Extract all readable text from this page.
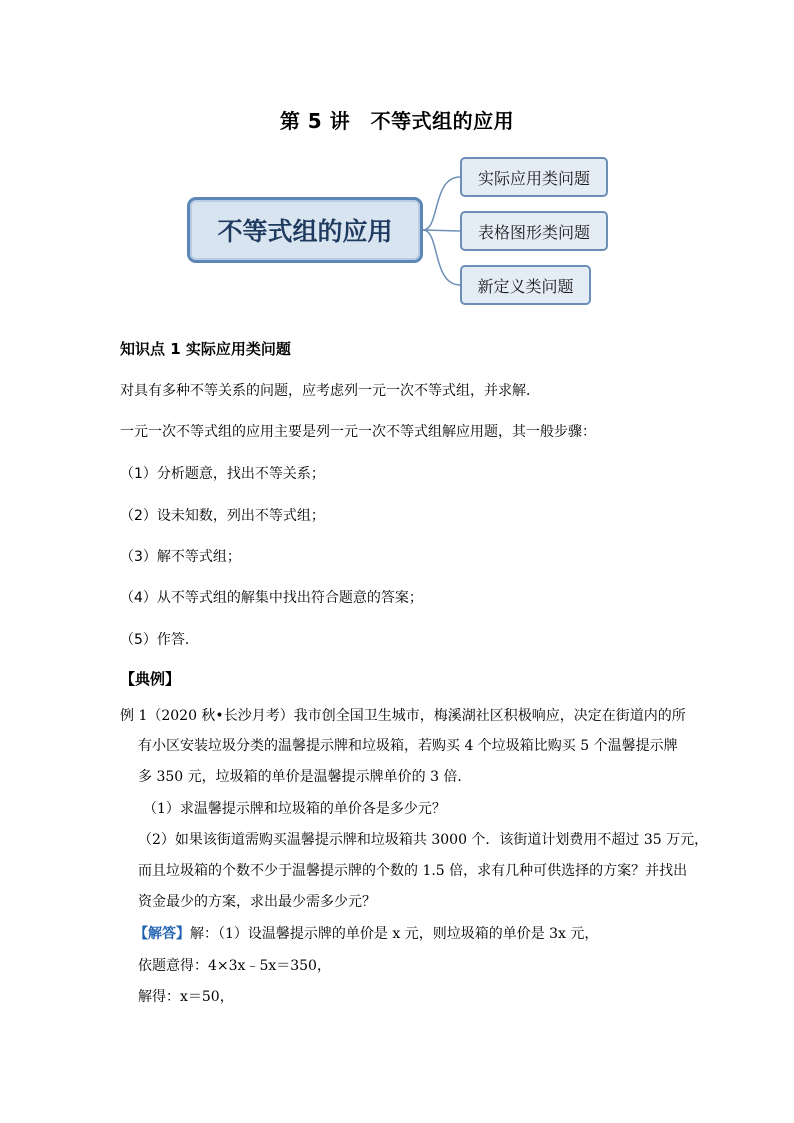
第 5 讲　不等式组的应用
不等式组的应用
实际应用类问题
表格图形类问题
新定义类问题
知识点 1 实际应用类问题
对具有多种不等关系的问题，应考虑列一元一次不等式组，并求解．
一元一次不等式组的应用主要是列一元一次不等式组解应用题，其一般步骤：
（1）分析题意，找出不等关系；
（2）设未知数，列出不等式组；
（3）解不等式组；
（4）从不等式组的解集中找出符合题意的答案；
（5）作答．
【典例】
例 1（2020 秋•长沙月考）我市创全国卫生城市，梅溪湖社区积极响应，决定在街道内的所
有小区安装垃圾分类的温馨提示牌和垃圾箱，若购买 4 个垃圾箱比购买 5 个温馨提示牌
多 350 元，垃圾箱的单价是温馨提示牌单价的 3 倍．
（1）求温馨提示牌和垃圾箱的单价各是多少元？
（2）如果该街道需购买温馨提示牌和垃圾箱共 3000 个．该街道计划费用不超过 35 万元，
而且垃圾箱的个数不少于温馨提示牌的个数的 1.5 倍，求有几种可供选择的方案？并找出
资金最少的方案，求出最少需多少元？
【解答】解：（1）设温馨提示牌的单价是 x 元，则垃圾箱的单价是 3x 元，
依题意得：4×3x﹣5x＝350，
解得：x＝50，
